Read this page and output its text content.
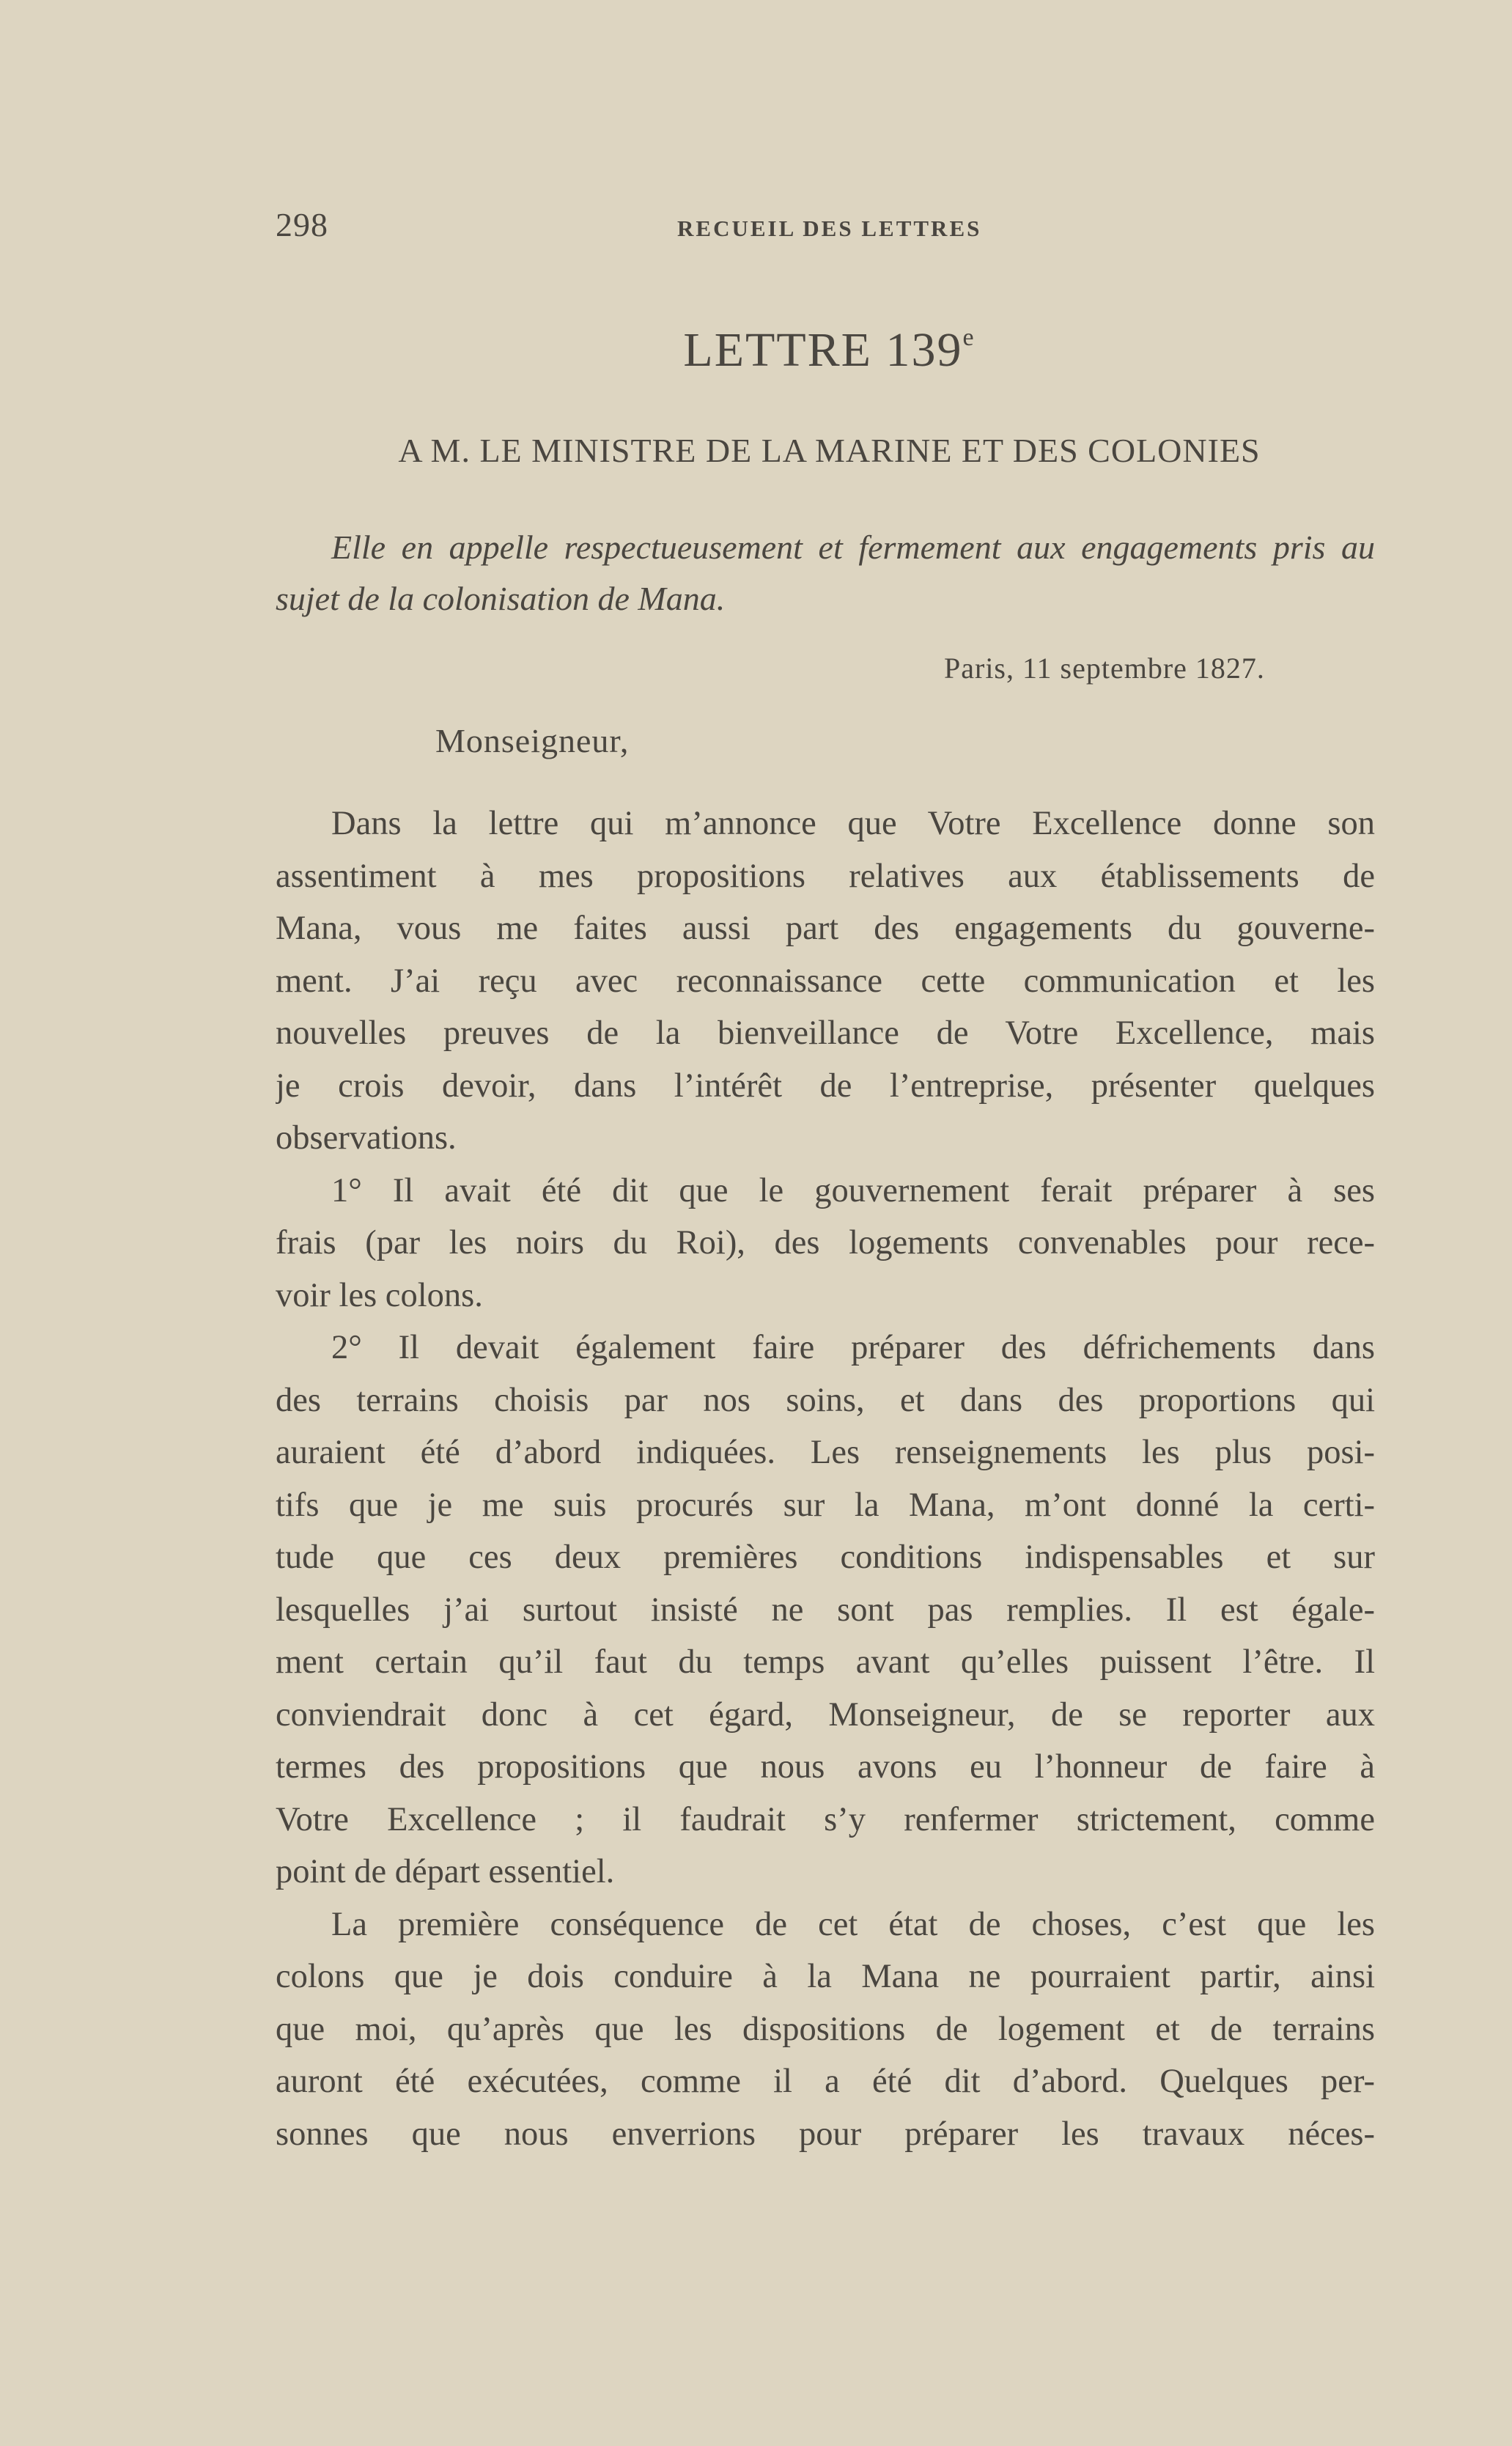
298	RECUEIL DES LETTRES
LETTRE 139e
A M. LE MINISTRE DE LA MARINE ET DES COLONIES
Elle en appelle respectueusement et fermement aux engagements pris au sujet de la colonisation de Mana.
Paris, 11 septembre 1827.
Monseigneur,
Dans la lettre qui m’annonce que Votre Excellence donne son
assentiment à mes propositions relatives aux établissements de
Mana, vous me faites aussi part des engagements du gouverne-
ment. J’ai reçu avec reconnaissance cette communication et les
nouvelles preuves de la bienveillance de Votre Excellence, mais
je crois devoir, dans l’intérêt de l’entreprise, présenter quelques
observations.
1° Il avait été dit que le gouvernement ferait préparer à ses
frais (par les noirs du Roi), des logements convenables pour rece-
voir les colons.
2° Il devait également faire préparer des défrichements dans
des terrains choisis par nos soins, et dans des proportions qui
auraient été d’abord indiquées. Les renseignements les plus posi-
tifs que je me suis procurés sur la Mana, m’ont donné la certi-
tude que ces deux premières conditions indispensables et sur
lesquelles j’ai surtout insisté ne sont pas remplies. Il est égale-
ment certain qu’il faut du temps avant qu’elles puissent l’être. Il
conviendrait donc à cet égard, Monseigneur, de se reporter aux
termes des propositions que nous avons eu l’honneur de faire à
Votre Excellence ; il faudrait s’y renfermer strictement, comme
point de départ essentiel.
La première conséquence de cet état de choses, c’est que les
colons que je dois conduire à la Mana ne pourraient partir, ainsi
que moi, qu’après que les dispositions de logement et de terrains
auront été exécutées, comme il a été dit d’abord. Quelques per-
sonnes que nous enverrions pour préparer les travaux néces-
